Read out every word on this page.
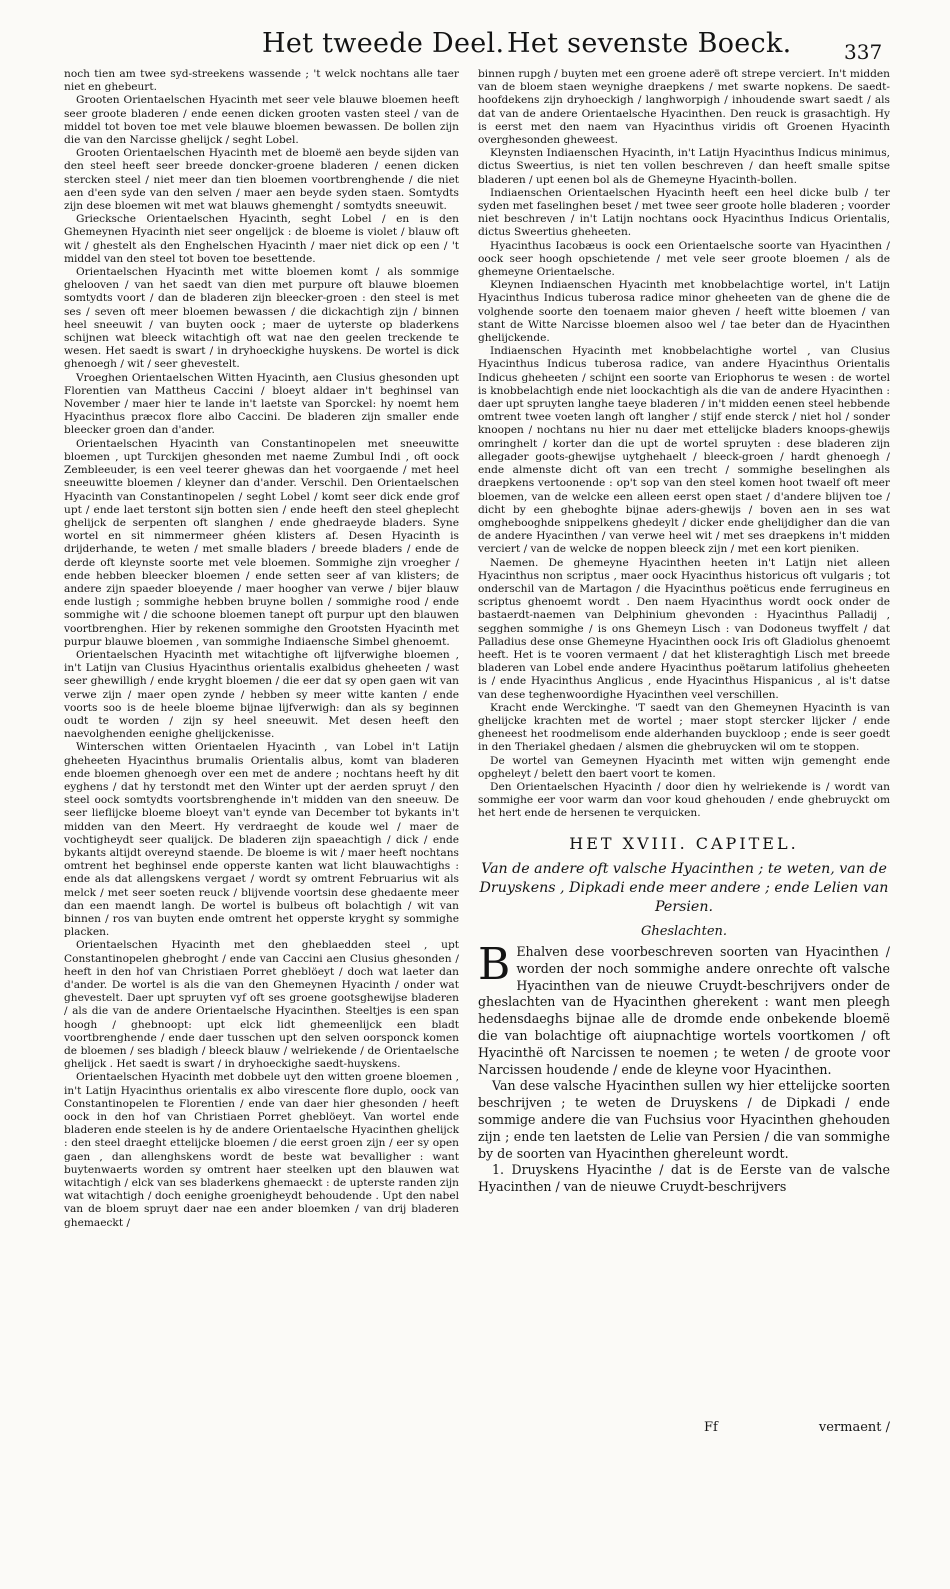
Het tweede Deel. Het sevenste Boeck.	337

noch tien am twee syd-streekens wassende ; 't welck nochtans alle taer niet en ghebeurt.

Grooten Orientaelschen Hyacinth met seer vele blauwe bloemen heeft seer groote bladeren / ende eenen dicken grooten vasten steel / van de middel tot boven toe met vele blauwe bloemen bewassen. De bollen zijn die van den Narcisse ghelijck / seght Lobel.

Grooten Orientaelschen Hyacinth met de bloemë aen beyde sijden van den steel heeft seer breede doncker-groene bladeren / eenen dicken stercken steel / niet meer dan tien bloemen voortbrenghende / die niet aen d'een syde van den selven / maer aen beyde syden staen. Somtydts zijn dese bloemen wit met wat blauws ghemenght / somtydts sneeuwit.

Griecksche Orientaelschen Hyacinth, seght Lobel / en is den Ghemeynen Hyacinth niet seer ongelijck : de bloeme is violet / blauw oft wit / ghestelt als den Enghelschen Hyacinth / maer niet dick op een / 't middel van den steel tot boven toe besettende.

Orientaelschen Hyacinth met witte bloemen komt / als sommige ghelooven / van het saedt van dien met purpure oft blauwe bloemen somtydts voort / dan de bladeren zijn bleecker-groen : den steel is met ses / seven oft meer bloemen bewassen / die dickachtigh zijn / binnen heel sneeuwit / van buyten oock ; maer de uyterste op bladerkens schijnen wat bleeck witachtigh oft wat nae den geelen treckende te wesen. Het saedt is swart / in dryhoeckighe huyskens. De wortel is dick ghenoegh / wit / seer ghevestelt.

Vroeghen Orientaelschen Witten Hyacinth, aen Clusius ghesonden upt Florentien van Mattheus Caccini / bloeyt aldaer in't beghinsel van November / maer hier te lande in't laetste van Sporckel: hy noemt hem Hyacinthus præcox flore albo Caccini. De bladeren zijn smaller ende bleecker groen dan d'ander.

Orientaelschen Hyacinth van Constantinopelen met sneeuwitte bloemen , upt Turckijen ghesonden met naeme Zumbul Indi , oft oock Zembleeuder, is een veel teerer ghewas dan het voorgaende / met heel sneeuwitte bloemen / kleyner dan d'ander. Verschil. Den Orientaelschen Hyacinth van Constantinopelen / seght Lobel / komt seer dick ende grof upt / ende laet terstont sijn botten sien / ende heeft den steel gheplecht ghelijck de serpenten oft slanghen / ende ghedraeyde bladers. Syne wortel en sit nimmermeer ghéen klisters af. Desen Hyacinth is drijderhande, te weten / met smalle bladers / breede bladers / ende de derde oft kleynste soorte met vele bloemen. Sommighe zijn vroegher / ende hebben bleecker bloemen / ende setten seer af van klisters; de andere zijn spaeder bloeyende / maer hoogher van verwe / bijer blauw ende lustigh ; sommighe hebben bruyne bollen / sommighe rood / ende sommighe wit / die schoone bloemen tanept oft purpur upt den blauwen voortbrenghen. Hier by rekenen sommighe den Grootsten Hyacinth met purpur blauwe bloemen , van sommighe Indiaensche Simbel ghenoemt.

Orientaelschen Hyacinth met witachtighe oft lijfverwighe bloemen , in't Latijn van Clusius Hyacinthus orientalis exalbidus gheheeten / wast seer ghewilligh / ende kryght bloemen / die eer dat sy open gaen wit van verwe zijn / maer open zynde / hebben sy meer witte kanten / ende voorts soo is de heele bloeme bijnae lijfverwigh: dan als sy beginnen oudt te worden / zijn sy heel sneeuwit. Met desen heeft den naevolghenden eenighe ghelijckenisse.

Winterschen witten Orientaelen Hyacinth , van Lobel in't Latijn gheheeten Hyacinthus brumalis Orientalis albus, komt van bladeren ende bloemen ghenoegh over een met de andere ; nochtans heeft hy dit eyghens / dat hy terstondt met den Winter upt der aerden spruyt / den steel oock somtydts voortsbrenghende in't midden van den sneeuw. De seer lieflijcke bloeme bloeyt van't eynde van December tot bykants in't midden van den Meert. Hy verdraeght de koude wel / maer de vochtigheydt seer qualijck. De bladeren zijn spaeachtigh / dick / ende bykants altijdt overeynd staende. De bloeme is wit / maer heeft nochtans omtrent het beghinsel ende opperste kanten wat licht blauwachtighs : ende als dat allengskens vergaet / wordt sy omtrent Februarius wit als melck / met seer soeten reuck / blijvende voortsin dese ghedaente meer dan een maendt langh. De wortel is bulbeus oft bolachtigh / wit van binnen / ros van buyten ende omtrent het opperste kryght sy sommighe placken.

Orientaelschen Hyacinth met den gheblaedden steel , upt Constantinopelen ghebroght / ende van Caccini aen Clusius ghesonden / heeft in den hof van Christiaen Porret gheblöeyt / doch wat laeter dan d'ander. De wortel is als die van den Ghemeynen Hyacinth / onder wat ghevestelt. Daer upt spruyten vyf oft ses groene gootsghewijse bladeren / als die van de andere Orientaelsche Hyacinthen. Steeltjes is een span hoogh / ghebnoopt: upt elck lidt ghemeenlijck een bladt voortbrenghende / ende daer tusschen upt den selven oorsponck komen de bloemen / ses bladigh / bleeck blauw / welriekende / de Orientaelsche ghelijck . Het saedt is swart / in dryhoeckighe saedt-huyskens.

Orientaelschen Hyacinth met dobbele uyt den witten groene bloemen , in't Latijn Hyacinthus orientalis ex albo virescente flore duplo, oock van Constantinopelen te Florentien / ende van daer hier ghesonden / heeft oock in den hof van Christiaen Porret gheblöeyt. Van wortel ende bladeren ende steelen is hy de andere Orientaelsche Hyacinthen ghelijck : den steel draeght ettelijcke bloemen / die eerst groen zijn / eer sy open gaen , dan allenghskens wordt de beste wat bevalligher : want buytenwaerts worden sy omtrent haer steelken upt den blauwen wat witachtigh / elck van ses bladerkens ghemaeckt : de upterste randen zijn wat witachtigh / doch eenighe groenigheydt behoudende . Upt den nabel van de bloem spruyt daer nae een ander bloemken / van drij bladeren ghemaeckt /

binnen rupgh / buyten met een groene aderë oft strepe verciert. In't midden van de bloem staen weynighe draepkens / met swarte nopkens. De saedt-hoofdekens zijn dryhoeckigh / langhworpigh / inhoudende swart saedt / als dat van de andere Orientaelsche Hyacinthen. Den reuck is grasachtigh. Hy is eerst met den naem van Hyacinthus viridis oft Groenen Hyacinth overghesonden gheweest.

Kleynsten Indiaenschen Hyacinth, in't Latijn Hyacinthus Indicus minimus, dictus Sweertius, is niet ten vollen beschreven / dan heeft smalle spitse bladeren / upt eenen bol als de Ghemeyne Hyacinth-bollen.

Indiaenschen Orientaelschen Hyacinth heeft een heel dicke bulb / ter syden met faselinghen beset / met twee seer groote holle bladeren ; voorder niet beschreven / in't Latijn nochtans oock Hyacinthus Indicus Orientalis, dictus Sweertius gheheeten.

Hyacinthus Iacobæus is oock een Orientaelsche soorte van Hyacinthen / oock seer hoogh opschietende / met vele seer groote bloemen / als de ghemeyne Orientaelsche.

Kleynen Indiaenschen Hyacinth met knobbelachtige wortel, in't Latijn Hyacinthus Indicus tuberosa radice minor gheheeten van de ghene die de volghende soorte den toenaem maior gheven / heeft witte bloemen / van stant de Witte Narcisse bloemen alsoo wel / tae beter dan de Hyacinthen ghelijckende.

Indiaenschen Hyacinth met knobbelachtighe wortel , van Clusius Hyacinthus Indicus tuberosa radice, van andere Hyacinthus Orientalis Indicus gheheeten / schijnt een soorte van Eriophorus te wesen : de wortel is knobbelachtigh ende niet loockachtigh als die van de andere Hyacinthen : daer upt spruyten langhe taeye bladeren / in't midden eenen steel hebbende omtrent twee voeten langh oft langher / stijf ende sterck / niet hol / sonder knoopen / nochtans nu hier nu daer met ettelijcke bladers knoops-ghewijs omringhelt / korter dan die upt de wortel spruyten : dese bladeren zijn allegader goots-ghewijse uytghehaelt / bleeck-groen / hardt ghenoegh / ende almenste dicht oft van een trecht / sommighe beselinghen als draepkens vertoonende : op't sop van den steel komen hoot twaelf oft meer bloemen, van de welcke een alleen eerst open staet / d'andere blijven toe / dicht by een gheboghte bijnae aders-ghewijs / boven aen in ses wat omghebooghde snippelkens ghedeylt / dicker ende ghelijdigher dan die van de andere Hyacinthen / van verwe heel wit / met ses draepkens in't midden verciert / van de welcke de noppen bleeck zijn / met een kort pieniken.

Naemen. De ghemeyne Hyacinthen heeten in't Latijn niet alleen Hyacinthus non scriptus , maer oock Hyacinthus historicus oft vulgaris ; tot onderschil van de Martagon / die Hyacinthus poëticus ende ferrugineus en scriptus ghenoemt wordt . Den naem Hyacinthus wordt oock onder de bastaerdt-naemen van Delphinium ghevonden : Hyacinthus Palladij , segghen sommighe / is ons Ghemeyn Lisch : van Dodoneus twyffelt / dat Palladius dese onse Ghemeyne Hyacinthen oock Iris oft Gladiolus ghenoemt heeft. Het is te vooren vermaent / dat het klisteraghtigh Lisch met breede bladeren van Lobel ende andere Hyacinthus poëtarum latifolius gheheeten is / ende Hyacinthus Anglicus , ende Hyacinthus Hispanicus , al is't datse van dese teghenwoordighe Hyacinthen veel verschillen.

Kracht ende Werckinghe. 'T saedt van den Ghemeynen Hyacinth is van ghelijcke krachten met de wortel ; maer stopt stercker lijcker / ende gheneest het roodmelisom ende alderhanden buyckloop ; ende is seer goedt in den Theriakel ghedaen / alsmen die ghebruycken wil om te stoppen.

De wortel van Gemeynen Hyacinth met witten wijn gemenght ende opgheleyt / belett den baert voort te komen.

Den Orientaelschen Hyacinth / door dien hy welriekende is / wordt van sommighe eer voor warm dan voor koud ghehouden / ende ghebruyckt om het hert ende de hersenen te verquicken.

HET XVIII. CAPITEL.
Van de andere oft valsche Hyacinthen ; te weten, van de Druyskens , Dipkadi ende meer andere ; ende Lelien van Persien.
Gheslachten.

B Ehalven dese voorbeschreven soorten van Hyacinthen / worden der noch sommighe andere onrechte oft valsche Hyacinthen van de nieuwe Cruydt-beschrijvers onder de gheslachten van de Hyacinthen gherekent : want men pleegh hedensdaeghs bijnae alle de dromde ende onbekende bloemë die van bolachtige oft aiupnachtige wortels voortkomen / oft Hyacinthë oft Narcissen te noemen ; te weten / de groote voor Narcissen houdende / ende de kleyne voor Hyacinthen.

Van dese valsche Hyacinthen sullen wy hier ettelijcke soorten beschrijven ; te weten de Druyskens / de Dipkadi / ende sommige andere die van Fuchsius voor Hyacinthen ghehouden zijn ; ende ten laetsten de Lelie van Persien / die van sommighe by de soorten van Hyacinthen ghereleunt wordt.

1. Druyskens Hyacinthe / dat is de Eerste van de valsche Hyacinthen / van de nieuwe Cruydt-beschrijvers

Ff	vermaent /
